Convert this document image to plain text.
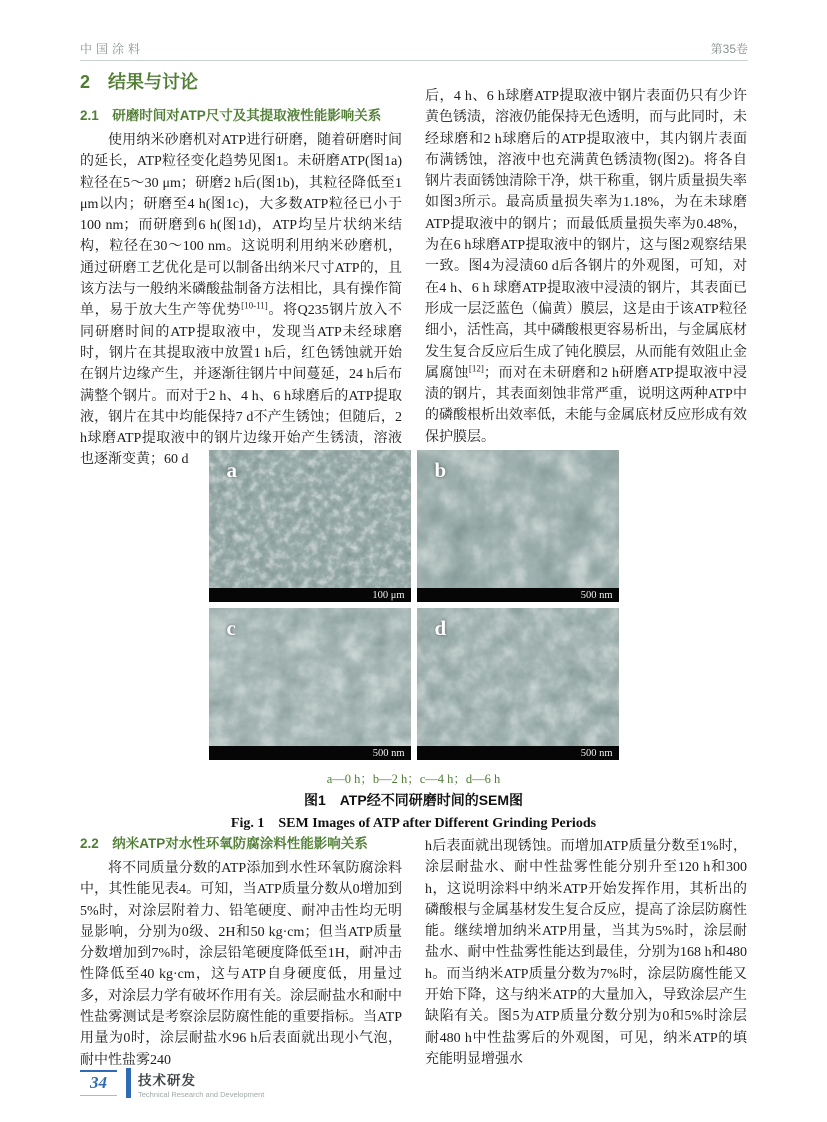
中国涂料	第35卷
2　结果与讨论
2.1　研磨时间对ATP尺寸及其提取液性能影响关系

使用纳米砂磨机对ATP进行研磨，随着研磨时间的延长，ATP粒径变化趋势见图1。未研磨ATP(图1a)粒径在5～30 μm；研磨2 h后(图1b)，其粒径降低至1 μm以内；研磨至4 h(图1c)，大多数ATP粒径已小于100 nm；而研磨到6 h(图1d)，ATP均呈片状纳米结构，粒径在30～100 nm。这说明利用纳米砂磨机，通过研磨工艺优化是可以制备出纳米尺寸ATP的，且该方法与一般纳米磷酸盐制备方法相比，具有操作简单，易于放大生产等优势[10-11]。将Q235钢片放入不同研磨时间的ATP提取液中，发现当ATP未经球磨时，钢片在其提取液中放置1 h后，红色锈蚀就开始在钢片边缘产生，并逐渐往钢片中间蔓延，24 h后布满整个钢片。而对于2 h、4 h、6 h球磨后的ATP提取液，钢片在其中均能保持7 d不产生锈蚀；但随后，2 h球磨ATP提取液中的钢片边缘开始产生锈渍，溶液也逐渐变黄；60 d

后，4 h、6 h球磨ATP提取液中钢片表面仍只有少许黄色锈渍，溶液仍能保持无色透明，而与此同时，未经球磨和2 h球磨后的ATP提取液中，其内钢片表面布满锈蚀，溶液中也充满黄色锈渍物(图2)。将各自钢片表面锈蚀清除干净，烘干称重，钢片质量损失率如图3所示。最高质量损失率为1.18%，为在未球磨ATP提取液中的钢片；而最低质量损失率为0.48%，为在6 h球磨ATP提取液中的钢片，这与图2观察结果一致。图4为浸渍60 d后各钢片的外观图，可知，对在4 h、6 h 球磨ATP提取液中浸渍的钢片，其表面已形成一层泛蓝色（偏黄）膜层，这是由于该ATP粒径细小，活性高，其中磷酸根更容易析出，与金属底材发生复合反应后生成了钝化膜层，从而能有效阻止金属腐蚀[12]；而对在未研磨和2 h研磨ATP提取液中浸渍的钢片，其表面刻蚀非常严重，说明这两种ATP中的磷酸根析出效率低，未能与金属底材反应形成有效保护膜层。

a
100 μm
b
500 nm
c
500 nm
d
500 nm
a—0 h；b—2 h；c—4 h；d—6 h
图1　ATP经不同研磨时间的SEM图
Fig. 1　SEM Images of ATP after Different Grinding Periods
2.2　纳米ATP对水性环氧防腐涂料性能影响关系

将不同质量分数的ATP添加到水性环氧防腐涂料中，其性能见表4。可知，当ATP质量分数从0增加到5%时，对涂层附着力、铅笔硬度、耐冲击性均无明显影响，分别为0级、2H和50 kg·cm；但当ATP质量分数增加到7%时，涂层铅笔硬度降低至1H，耐冲击性降低至40 kg·cm，这与ATP自身硬度低，用量过多，对涂层力学有破坏作用有关。涂层耐盐水和耐中性盐雾测试是考察涂层防腐性能的重要指标。当ATP用量为0时，涂层耐盐水96 h后表面就出现小气泡，耐中性盐雾240

h后表面就出现锈蚀。而增加ATP质量分数至1%时，涂层耐盐水、耐中性盐雾性能分别升至120 h和300 h，这说明涂料中纳米ATP开始发挥作用，其析出的磷酸根与金属基材发生复合反应，提高了涂层防腐性能。继续增加纳米ATP用量，当其为5%时，涂层耐盐水、耐中性盐雾性能达到最佳，分别为168 h和480 h。而当纳米ATP质量分数为7%时，涂层防腐性能又开始下降，这与纳米ATP的大量加入，导致涂层产生缺陷有关。图5为ATP质量分数分别为0和5%时涂层耐480 h中性盐雾后的外观图，可见，纳米ATP的填充能明显增强水

34	技术研发
Technical Research and Development
